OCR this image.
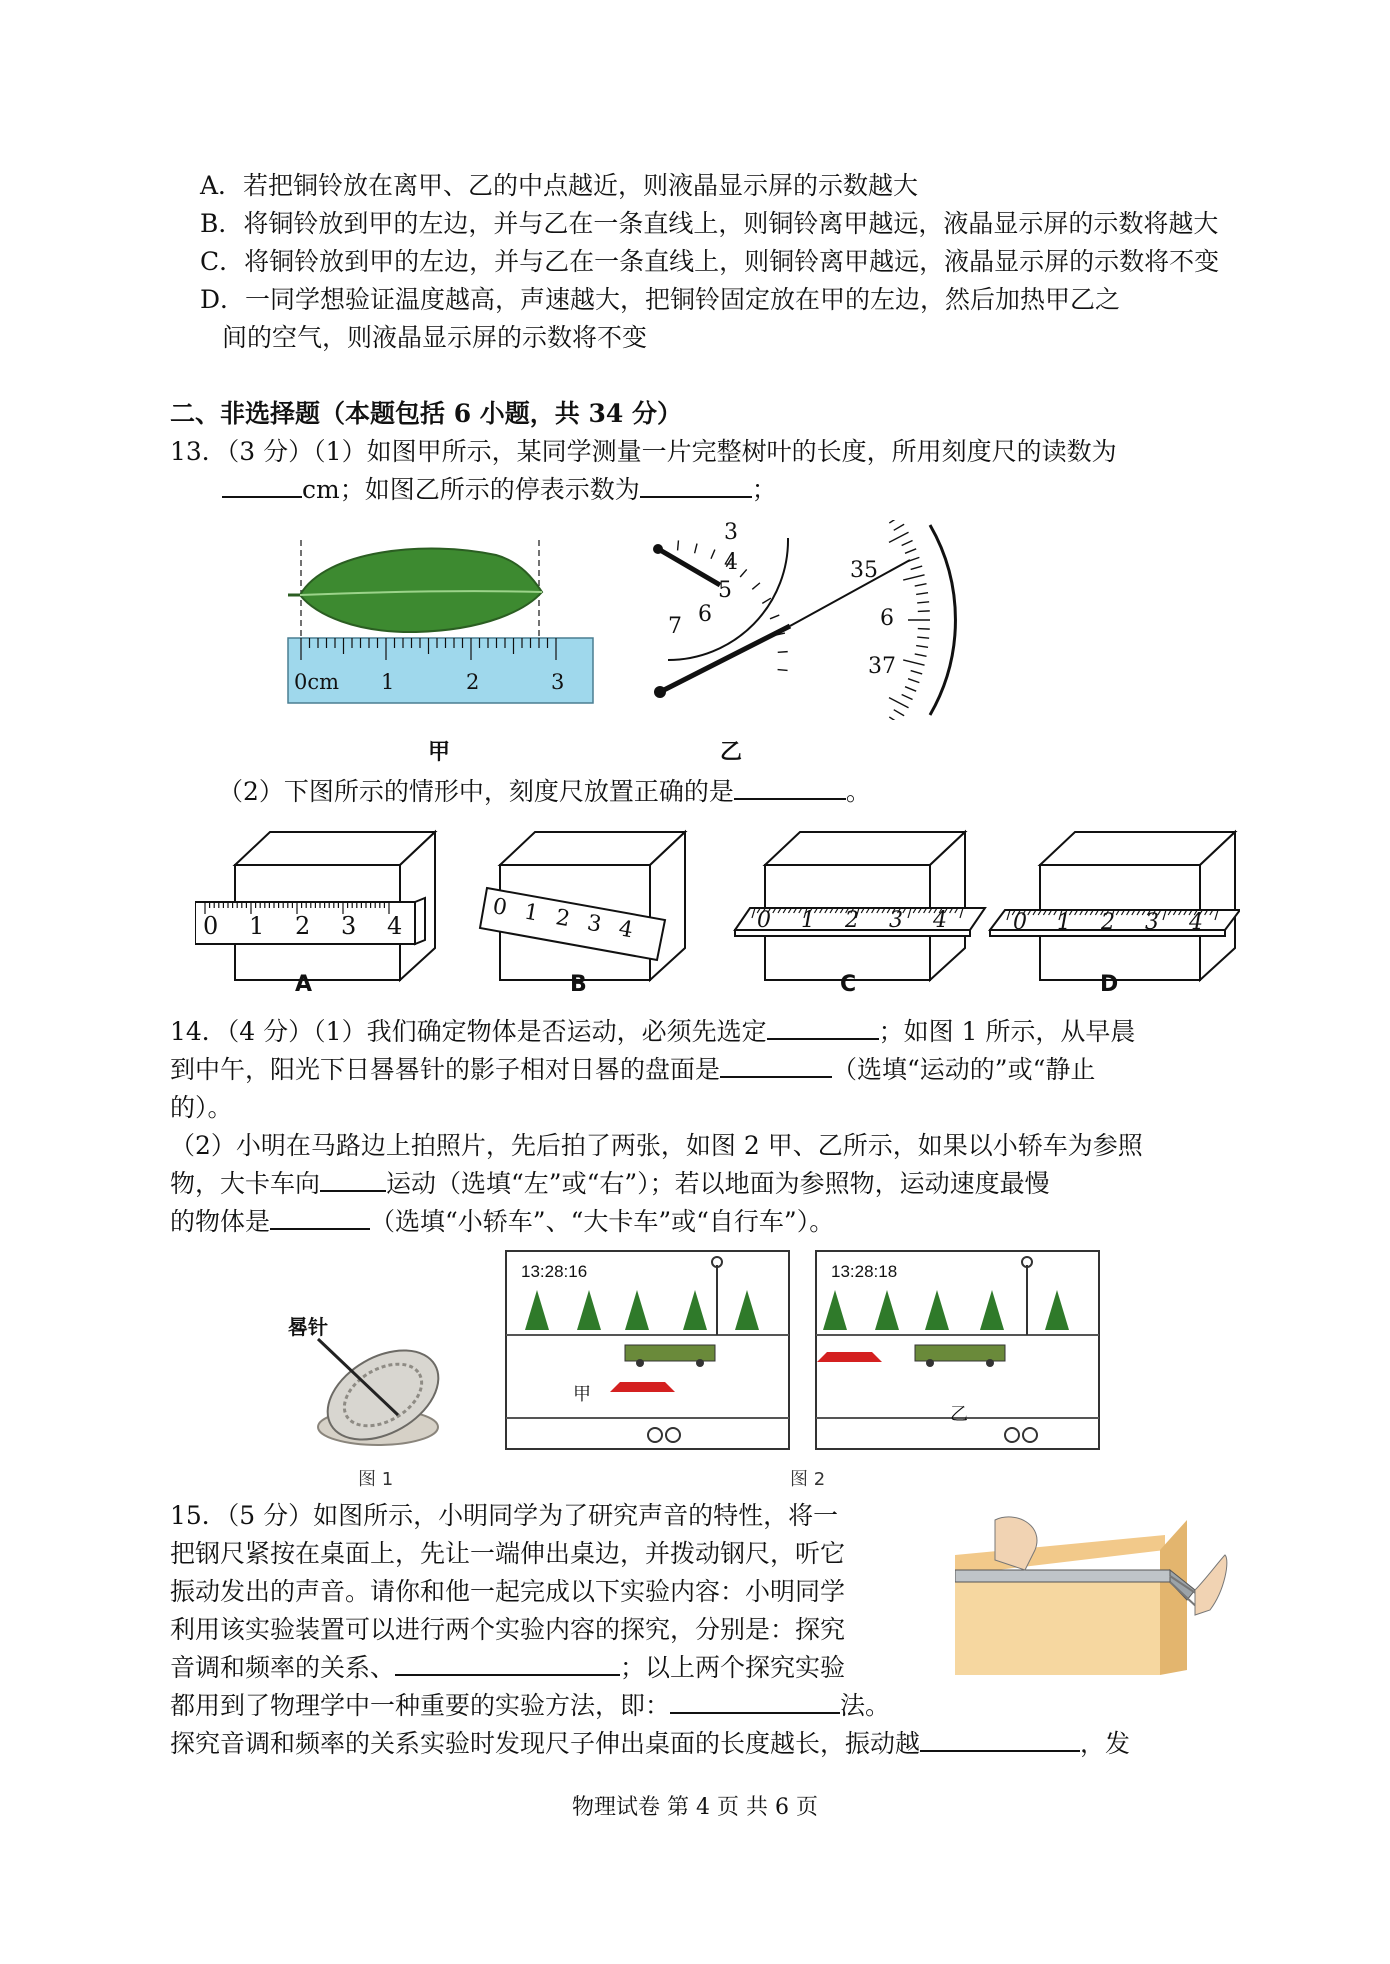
A．若把铜铃放在离甲、乙的中点越近，则液晶显示屏的示数越大
B．将铜铃放到甲的左边，并与乙在一条直线上，则铜铃离甲越远，液晶显示屏的示数将越大
C．将铜铃放到甲的左边，并与乙在一条直线上，则铜铃离甲越远，液晶显示屏的示数将不变
D．一同学想验证温度越高，声速越大，把铜铃固定放在甲的左边，然后加热甲乙之
间的空气，则液晶显示屏的示数将不变
二、非选择题（本题包括 6 小题，共 34 分）
13．（3 分）（1）如图甲所示，某同学测量一片完整树叶的长度，所用刻度尺的读数为
cm；如图乙所示的停表示数为	；
0cm 1	2	3
甲
3
4
5
6
7
35
6
37
乙
（2）下图所示的情形中，刻度尺放置正确的是	。
0 1 2 3 4
0 1 2 3 4	0 1 2 3 4	0 1 2 3 4
A	B	C	D
14．（4 分）（1）我们确定物体是否运动，必须先选定	；如图 1 所示，从早晨
到中午，阳光下日晷晷针的影子相对日晷的盘面是	（选填“运动的”或“静止
的）。
（2）小明在马路边上拍照片，先后拍了两张，如图 2 甲、乙所示，如果以小轿车为参照
物，大卡车向	运动（选填“左”或“右”）；若以地面为参照物，运动速度最慢
的物体是	（选填“小轿车”、“大卡车”或“自行车”）。
晷针
图 1
13:28:16
甲
13:28:18
乙
图 2
15．（5 分）如图所示，小明同学为了研究声音的特性，将一
把钢尺紧按在桌面上，先让一端伸出桌边，并拨动钢尺，听它
振动发出的声音。请你和他一起完成以下实验内容：小明同学
利用该实验装置可以进行两个实验内容的探究，分别是：探究
音调和频率的关系、	；以上两个探究实验
都用到了物理学中一种重要的实验方法，即：	法。
探究音调和频率的关系实验时发现尺子伸出桌面的长度越长，振动越	，发
物理试卷 第 4 页 共 6 页
